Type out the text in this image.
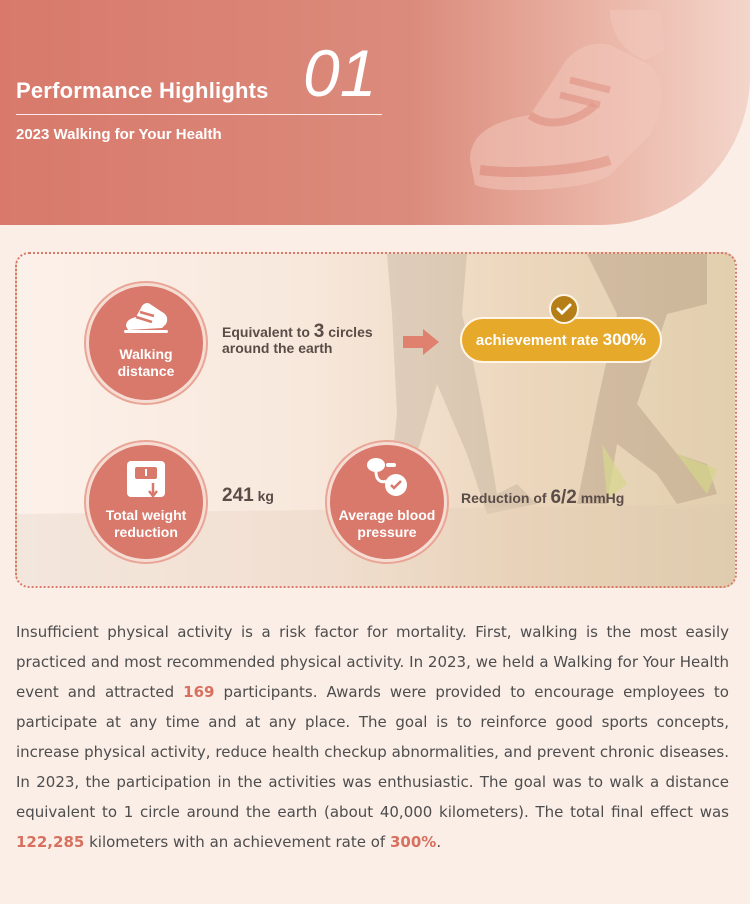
Performance Highlights 01
2023 Walking for Your Health
Walking
distance
Equivalent to 3 circles
around the earth	achievement rate 300%
Total weight
reduction
241 kg
Average blood
pressure
Reduction of 6/2 mmHg
Insufficient physical activity is a risk factor for mortality. First, walking is the most easily practiced and most recommended physical activity. In 2023, we held a Walking for Your Health event and attracted 169 participants. Awards were provided to encourage employees to participate at any time and at any place. The goal is to reinforce good sports concepts, increase physical activity, reduce health checkup abnormalities, and prevent chronic diseases. In 2023, the participation in the activities was enthusiastic. The goal was to walk a distance equivalent to 1 circle around the earth (about 40,000 kilometers). The total final effect was 122,285 kilometers with an achievement rate of 300%.
